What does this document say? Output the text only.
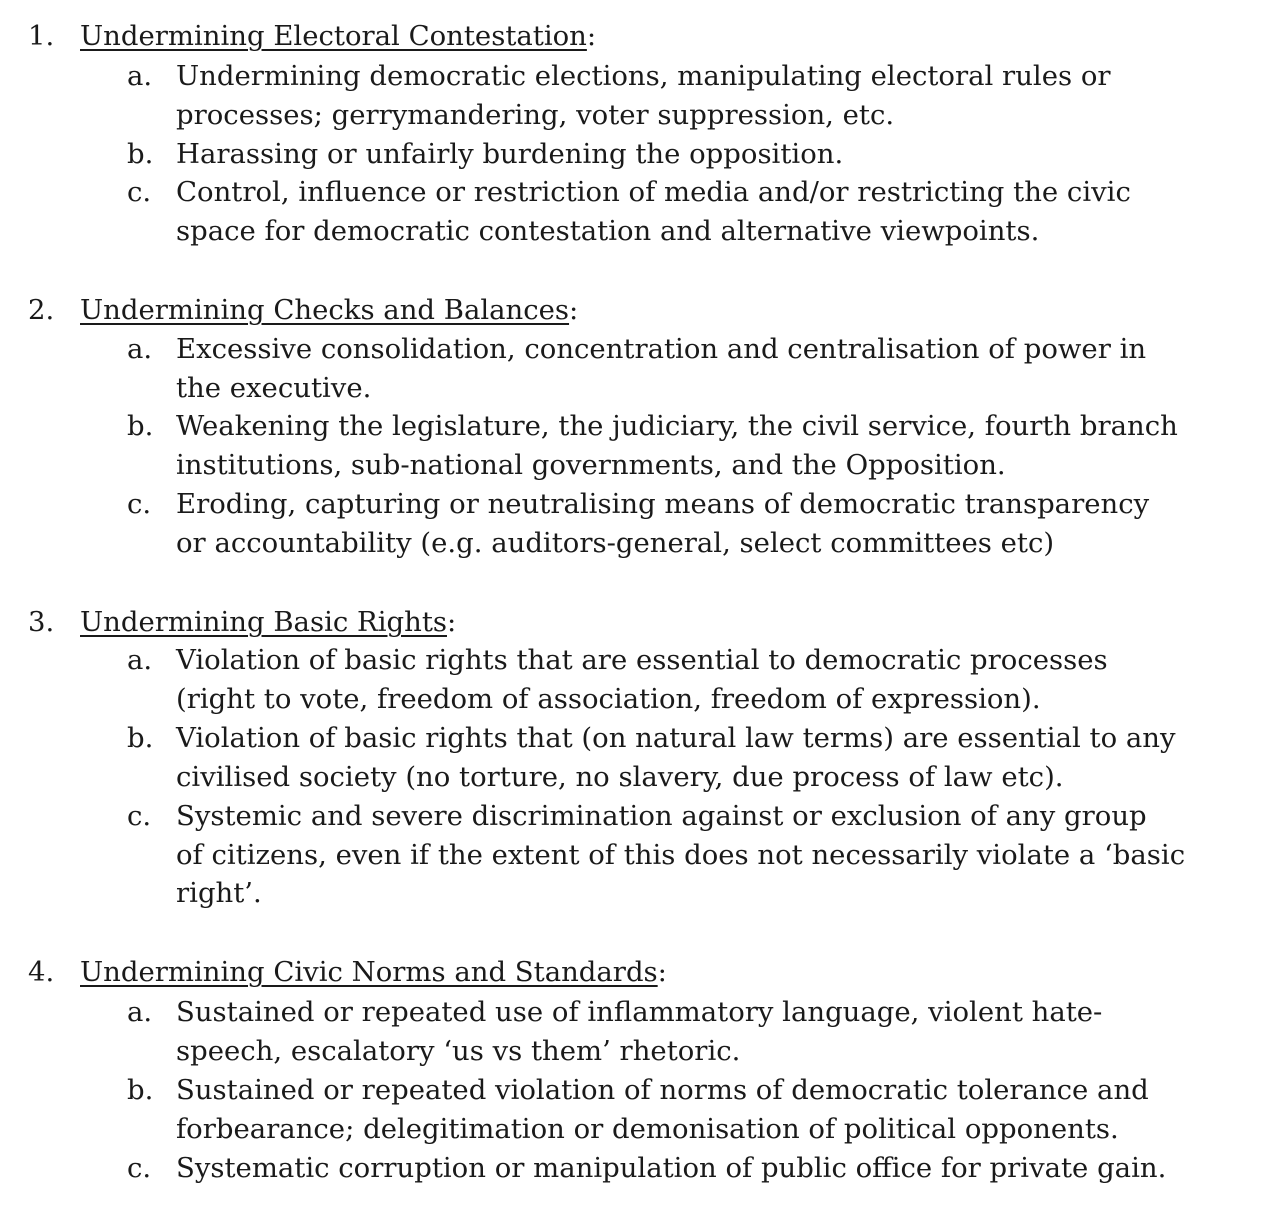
1. Undermining Electoral Contestation:
a. Undermining democratic elections, manipulating electoral rules or
processes; gerrymandering, voter suppression, etc.
b. Harassing or unfairly burdening the opposition.
c. Control, influence or restriction of media and/or restricting the civic
space for democratic contestation and alternative viewpoints.
2. Undermining Checks and Balances:
a. Excessive consolidation, concentration and centralisation of power in
the executive.
b. Weakening the legislature, the judiciary, the civil service, fourth branch
institutions, sub-national governments, and the Opposition.
c. Eroding, capturing or neutralising means of democratic transparency
or accountability (e.g. auditors-general, select committees etc)
3. Undermining Basic Rights:
a. Violation of basic rights that are essential to democratic processes
(right to vote, freedom of association, freedom of expression).
b. Violation of basic rights that (on natural law terms) are essential to any
civilised society (no torture, no slavery, due process of law etc).
c. Systemic and severe discrimination against or exclusion of any group
of citizens, even if the extent of this does not necessarily violate a ‘basic
right’.
4. Undermining Civic Norms and Standards:
a. Sustained or repeated use of inflammatory language, violent hate-
speech, escalatory ‘us vs them’ rhetoric.
b. Sustained or repeated violation of norms of democratic tolerance and
forbearance; delegitimation or demonisation of political opponents.
c. Systematic corruption or manipulation of public office for private gain.
